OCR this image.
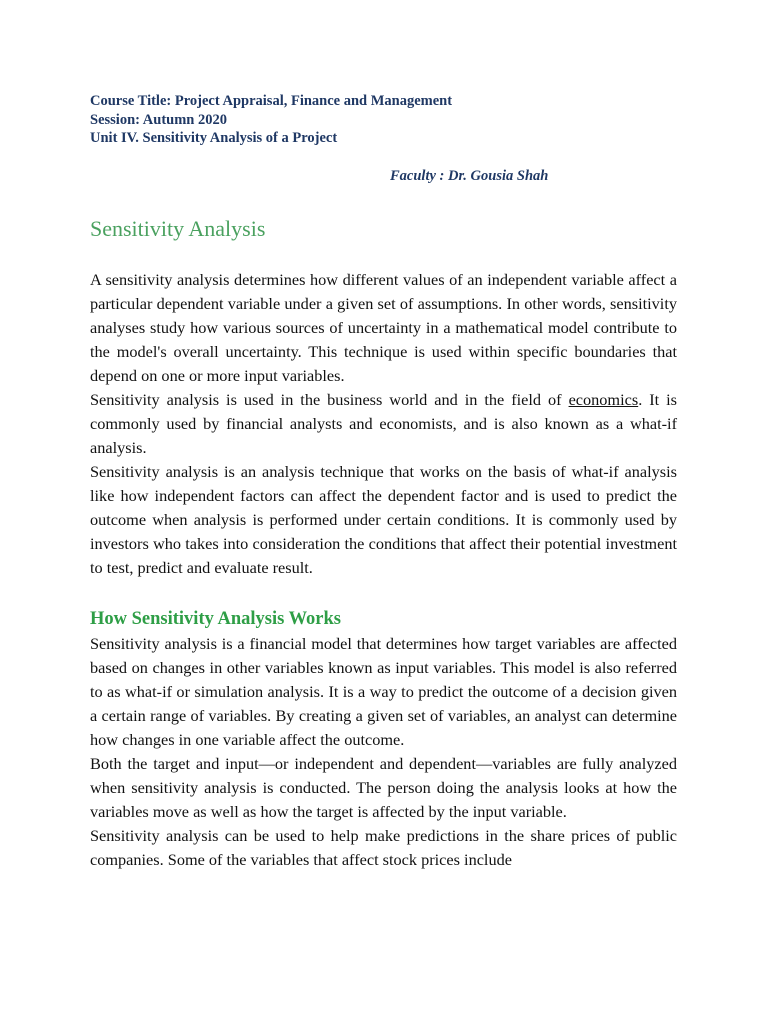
Course Title: Project Appraisal, Finance and Management
Session: Autumn 2020
Unit IV. Sensitivity Analysis of a Project
Faculty : Dr. Gousia Shah
Sensitivity Analysis

A sensitivity analysis determines how different values of an independent variable affect a particular dependent variable under a given set of assumptions. In other words, sensitivity analyses study how various sources of uncertainty in a mathematical model contribute to the model's overall uncertainty. This technique is used within specific boundaries that depend on one or more input variables.

Sensitivity analysis is used in the business world and in the field of economics. It is commonly used by financial analysts and economists, and is also known as a what-if analysis.

Sensitivity analysis is an analysis technique that works on the basis of what-if analysis like how independent factors can affect the dependent factor and is used to predict the outcome when analysis is performed under certain conditions. It is commonly used by investors who takes into consideration the conditions that affect their potential investment to test, predict and evaluate result.

How Sensitivity Analysis Works

Sensitivity analysis is a financial model that determines how target variables are affected based on changes in other variables known as input variables. This model is also referred to as what-if or simulation analysis. It is a way to predict the outcome of a decision given a certain range of variables. By creating a given set of variables, an analyst can determine how changes in one variable affect the outcome.

Both the target and input—or independent and dependent—variables are fully analyzed when sensitivity analysis is conducted. The person doing the analysis looks at how the variables move as well as how the target is affected by the input variable.

Sensitivity analysis can be used to help make predictions in the share prices of public companies. Some of the variables that affect stock prices include
